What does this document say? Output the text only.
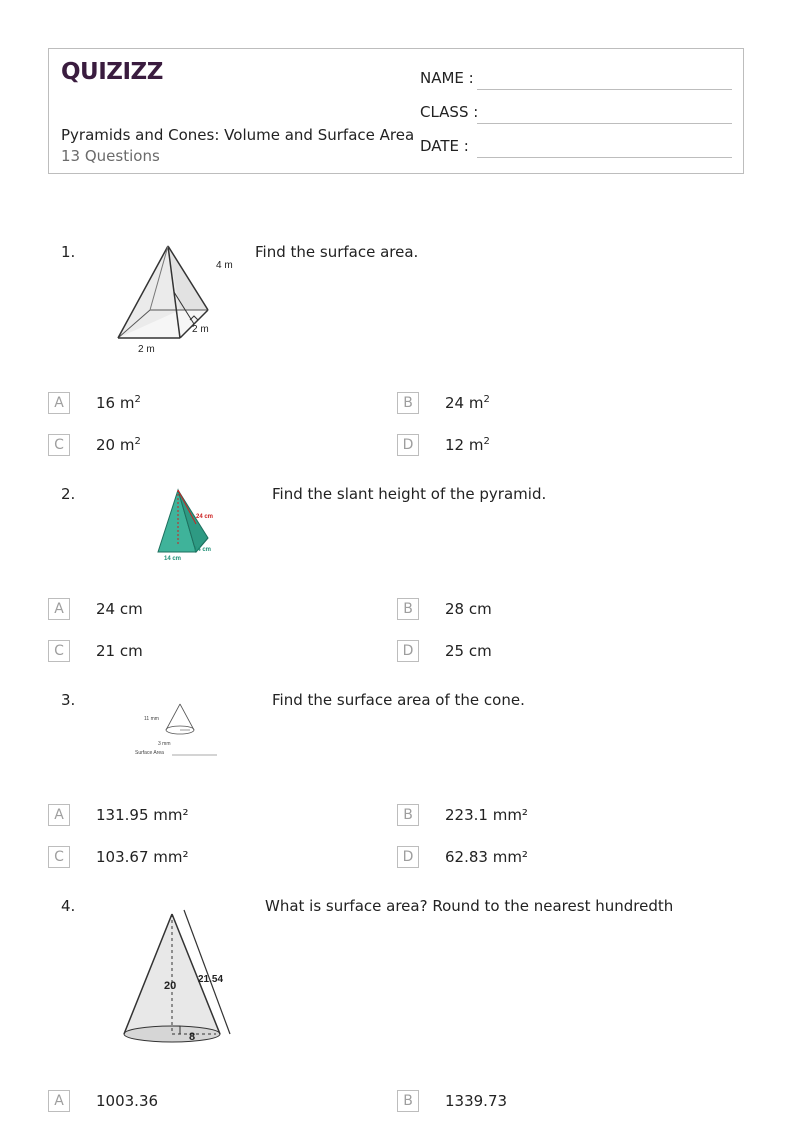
QUIZIZZ
Pyramids and Cones: Volume and Surface Area
13 Questions
NAME :
CLASS :
DATE :
1.
4 m
2 m
2 m
Find the surface area.
A	16 $m^2$	B	24 $m^2$
C	20 $m^2$	D	12 $m^2$
2.
24 cm
14 cm
14 cm
Find the slant height of the pyramid.
A	24 cm	B	28 cm
C	21 cm	D	25 cm
3.
11 mm
3 mm
Surface Area
Find the surface area of the cone.
A	131.95 mm²	B	223.1 mm²
C	103.67 mm²	D	62.83 mm²
4.
20
21.54
8
What is surface area? Round to the nearest hundredth
A	1003.36	B	1339.73
